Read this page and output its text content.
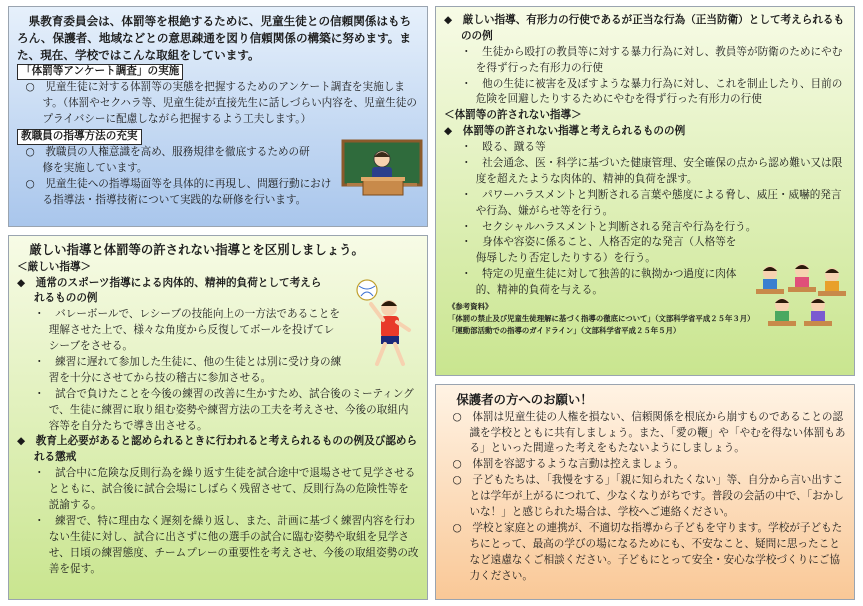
県教育委員会は、体罰等を根絶するために、児童生徒との信頼関係はもちろん、保護者、地域などとの意思疎通を図り信頼関係の構築に努めます。また、現在、学校ではこんな取組をしています。

「体罰等アンケート調査」の実施

○　 児童生徒に対する体罰等の実態を把握するためのアンケート調査を実施します。（体罰やセクハラ等、児童生徒が直接先生に話しづらい内容を、児童生徒のプライバシーに配慮しながら把握するよう工夫します。）

教職員の指導方法の充実

○　 教職員の人権意識を高め、服務規律を徹底するための研修を実施しています。

○　 児童生徒への指導場面等を具体的に再現し、問題行動における指導法・指導技術について実践的な研修を行います。

厳しい指導と体罰等の許されない指導とを区別しましょう。

＜厳しい指導＞

◆　 通常のスポーツ指導による肉体的、精神的負荷として考えられるものの例

・　バレーボールで、レシーブの技能向上の一方法であることを理解させた上で、様々な角度から反復してボールを投げてレシーブをさせる。

・　練習に遅れて参加した生徒に、他の生徒とは別に受け身の練習を十分にさせてから技の稽古に参加させる。

・　試合で負けたことを今後の練習の改善に生かすため、試合後のミーティングで、生徒に練習に取り組む姿勢や練習方法の工夫を考えさせ、今後の取組内容等を自分たちで導き出させる。

◆　 教育上必要があると認められるときに行われると考えられるものの例及び認められる懲戒

・　試合中に危険な反則行為を繰り返す生徒を試合途中で退場させて見学させるとともに、試合後に試合会場にしばらく残留させて、反則行為の危険性等を説諭する。

・　練習で、特に理由なく遅刻を繰り返し、また、計画に基づく練習内容を行わない生徒に対し、試合に出さずに他の選手の試合に臨む姿勢や取組を見学させ、日頃の練習態度、チームプレーの重要性を考えさせ、今後の取組姿勢の改善を促す。

◆　 厳しい指導、有形力の行使であるが正当な行為（正当防衛）として考えられるものの例

・　生徒から殴打の教員等に対する暴力行為に対し、教員等が防衛のためにやむを得ず行った有形力の行使

・　他の生徒に被害を及ぼすような暴力行為に対し、これを制止したり、目前の危険を回避したりするためにやむを得ず行った有形力の行使

＜体罰等の許されない指導＞

◆　 体罰等の許されない指導と考えられるものの例

・　殴る、蹴る等

・　社会通念、医・科学に基づいた健康管理、安全確保の点から認め難い又は限度を超えたような肉体的、精神的負荷を課す。

・　パワーハラスメントと判断される言葉や態度による脅し、威圧・威嚇的発言や行為、嫌がらせ等を行う。

・　セクシャルハラスメントと判断される発言や行為を行う。

・　身体や容姿に係ること、人格否定的な発言（人格等を侮辱したり否定したりする）を行う。

・　特定の児童生徒に対して独善的に執拗かつ過度に肉体的、精神的負荷を与える。

《参考資料》

「体罰の禁止及び児童生徒理解に基づく指導の徹底について」（文部科学省平成２５年３月）

「運動部活動での指導のガイドライン」（文部科学省平成２５年５月）

保護者の方へのお願い！

○　 体罰は児童生徒の人権を損ない、信頼関係を根底から崩すものであることの認識を学校とともに共有しましょう。また、「愛の鞭」や「やむを得ない体罰もある」といった間違った考えをもたないようにしましょう。

○　 体罰を容認するような言動は控えましょう。

○　 子どもたちは、「我慢をする」「親に知られたくない」等、自分から言い出すことは学年が上がるにつれて、少なくなりがちです。普段の会話の中で、「おかしいな！」と感じられた場合は、学校へご連絡ください。

○　 学校と家庭との連携が、不適切な指導から子どもを守ります。学校が子どもたちにとって、最高の学びの場になるためにも、不安なこと、疑問に思ったことなど遠慮なくご相談ください。子どもにとって安全・安心な学校づくりにご協力ください。
